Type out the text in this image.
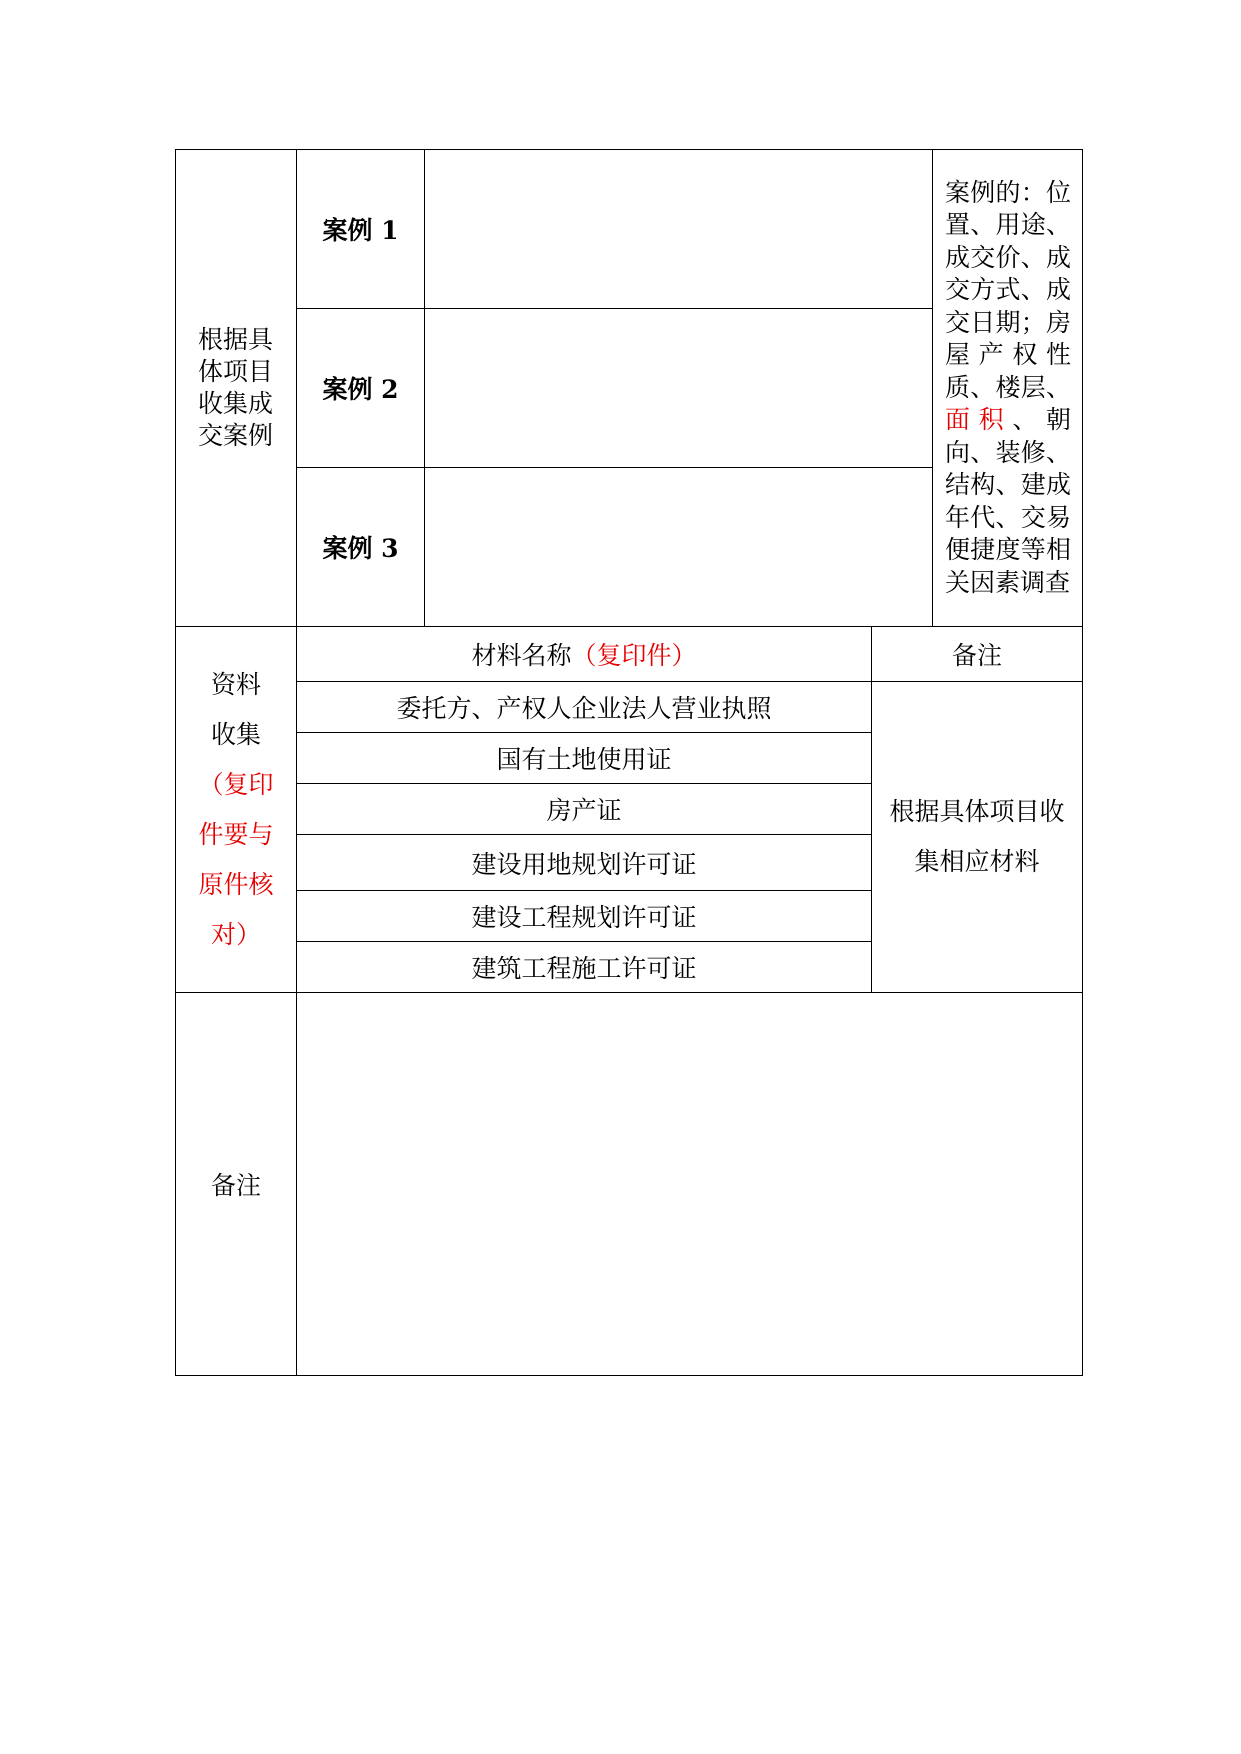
根据具体项目收集成交案例
案例 1
案例 2
案例 3
案例的：位置、用途、成交价、成交方式、成交日期；房屋产权性质、楼层、面积、朝向、装修、结构、建成年代、交易便捷度等相关因素调查
资料
收集
（复印
件要与
原件核
对）
材料名称 （复印件）	备注
委托方、产权人企业法人营业执照
国有土地使用证
房产证
建设用地规划许可证
建设工程规划许可证
建筑工程施工许可证
根据具体项目收
集相应材料
备注
